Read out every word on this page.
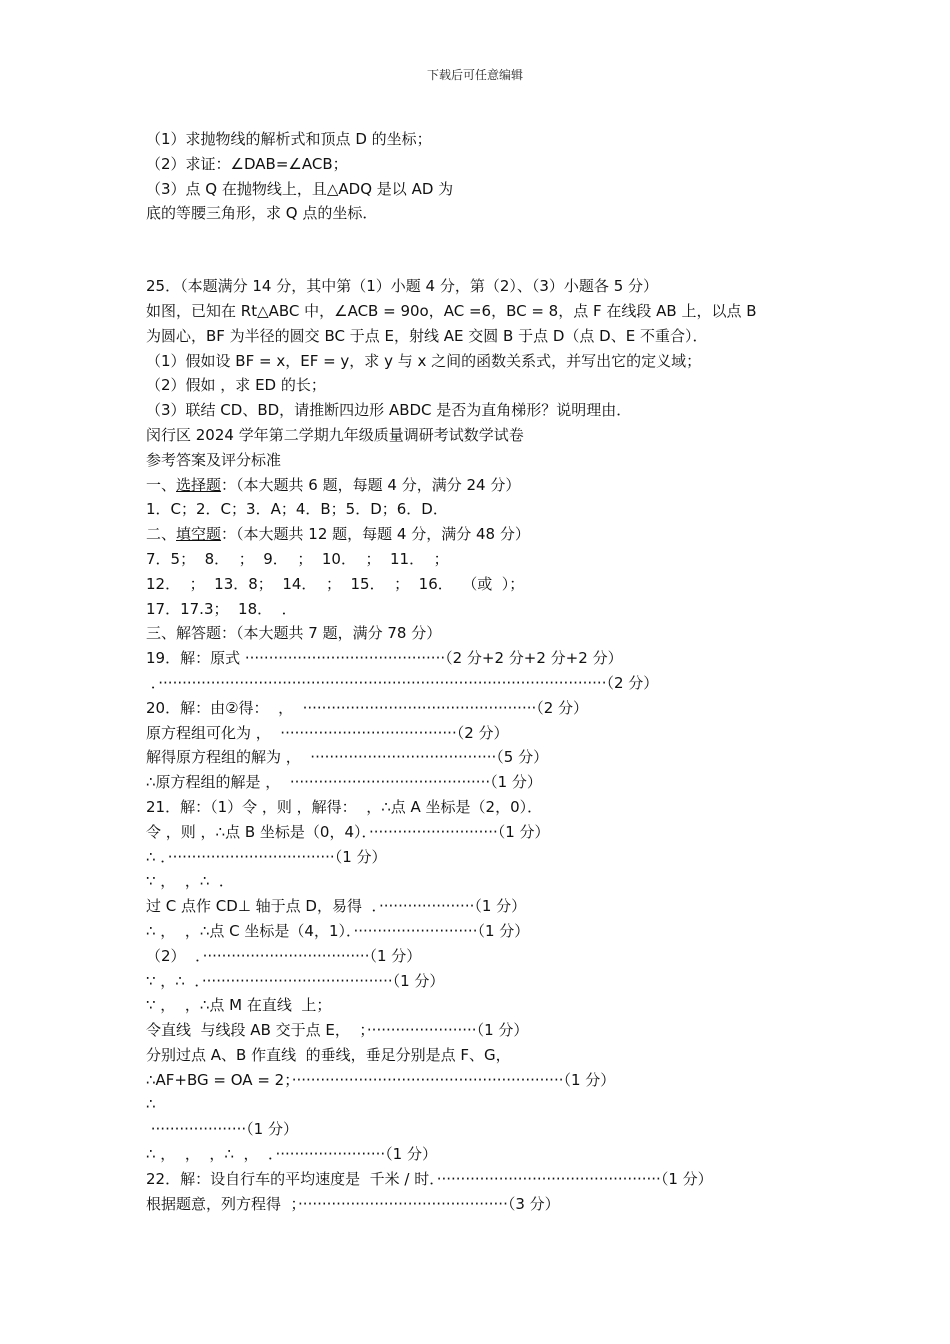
下载后可任意编辑
（1）求抛物线的解析式和顶点 D 的坐标；
（2）求证：∠DAB=∠ACB；
（3）点 Q 在抛物线上，且△ADQ 是以 AD 为
底的等腰三角形，求 Q 点的坐标．
25．（本题满分 14 分，其中第（1）小题 4 分，第（2）、（3）小题各 5 分）
如图，已知在 Rt△ABC 中，∠ACB = 90o，AC =6，BC = 8，点 F 在线段 AB 上，以点 B
为圆心，BF 为半径的圆交 BC 于点 E，射线 AE 交圆 B 于点 D（点 D、E 不重合）．
（1）假如设 BF = x，EF = y，求 y 与 x 之间的函数关系式，并写出它的定义域；
（2）假如 ，求 ED 的长；
（3）联结 CD、BD，请推断四边形 ABDC 是否为直角梯形？说明理由．
闵行区 2024 学年第二学期九年级质量调研考试数学试卷
参考答案及评分标准
一、选择题：（本大题共 6 题，每题 4 分，满分 24 分）
1．C；2．C；3．A；4．B；5．D；6．D．
二、填空题：（本大题共 12 题，每题 4 分，满分 48 分）
7．5；  8．  ；  9．  ；  10．  ；  11．  ；
12．  ；  13．8；  14．  ；  15．  ；  16．  （或  ）；
17．17.3；  18．  ．
三、解答题：（本大题共 7 题，满分 78 分）
19．解：原式 ··········································（2 分+2 分+2 分+2 分）
．······························································································（2 分）
20．解：由②得：  ，  ·················································（2 分）
原方程组可化为 ，  ·····································（2 分）
解得原方程组的解为 ，  ·······································（5 分）
∴原方程组的解是 ，  ··········································（1 分）
21．解：（1）令 ，则 ，解得：  ，∴点 A 坐标是（2，0）．
令 ，则 ，∴点 B 坐标是（0，4）．···························（1 分）
∴ ．···································（1 分）
∵ ，  ，∴  ．
过 C 点作 CD⊥ 轴于点 D，易得  ．····················（1 分）
∴ ，  ，∴点 C 坐标是（4，1）．··························（1 分）
（2）  ．···································（1 分）
∵ ，∴  ．········································（1 分）
∵ ，  ，∴点 M 在直线  上；
令直线  与线段 AB 交于点 E，  ；·······················（1 分）
分别过点 A、B 作直线  的垂线，垂足分别是点 F、G，
∴AF+BG = OA = 2；·························································（1 分）
∴
····················（1 分）
∴ ，  ，  ，∴  ，  ．·······················（1 分）
22．解：设自行车的平均速度是  千米 / 时．···············································（1 分）
根据题意，列方程得  ；············································（3 分）
